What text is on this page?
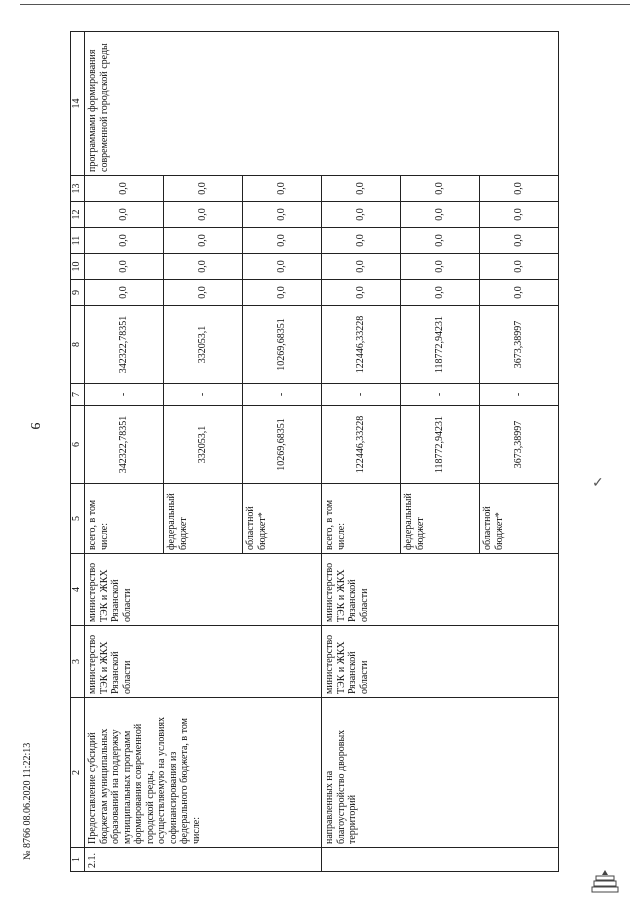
9
1	2	3	4	5	6	7	8	9	10	11	12	13	14
2.1.	Предоставление субсидий бюджетам муниципальных образований на поддержку муниципальных программ формирования современной городской среды, осуществляемую на условиях софинансирования из федерального бюджета, в том числе:	министерство ТЭК и ЖКХ Рязанской области	министерство ТЭК и ЖКХ Рязанской области	всего, в том числе:	342322,78351	-	342322,78351	0,0	0,0	0,0	0,0	0,0	программами формирования современной городской среды
				федеральный бюджет	332053,1	-	332053,1	0,0	0,0	0,0	0,0	0,0	
				областной бюджет*	10269,68351	-	10269,68351	0,0	0,0	0,0	0,0	0,0	
	направленных на благоустройство дворовых территорий	министерство ТЭК и ЖКХ Рязанской области	министерство ТЭК и ЖКХ Рязанской области	всего, в том числе:	122446,33228	-	122446,33228	0,0	0,0	0,0	0,0	0,0	
				федеральный бюджет	118772,94231	-	118772,94231	0,0	0,0	0,0	0,0	0,0	
				областной бюджет*	3673,38997	-	3673,38997	0,0	0,0	0,0	0,0	0,0	
✓
№ 8766 08.06.2020 11:22:13
